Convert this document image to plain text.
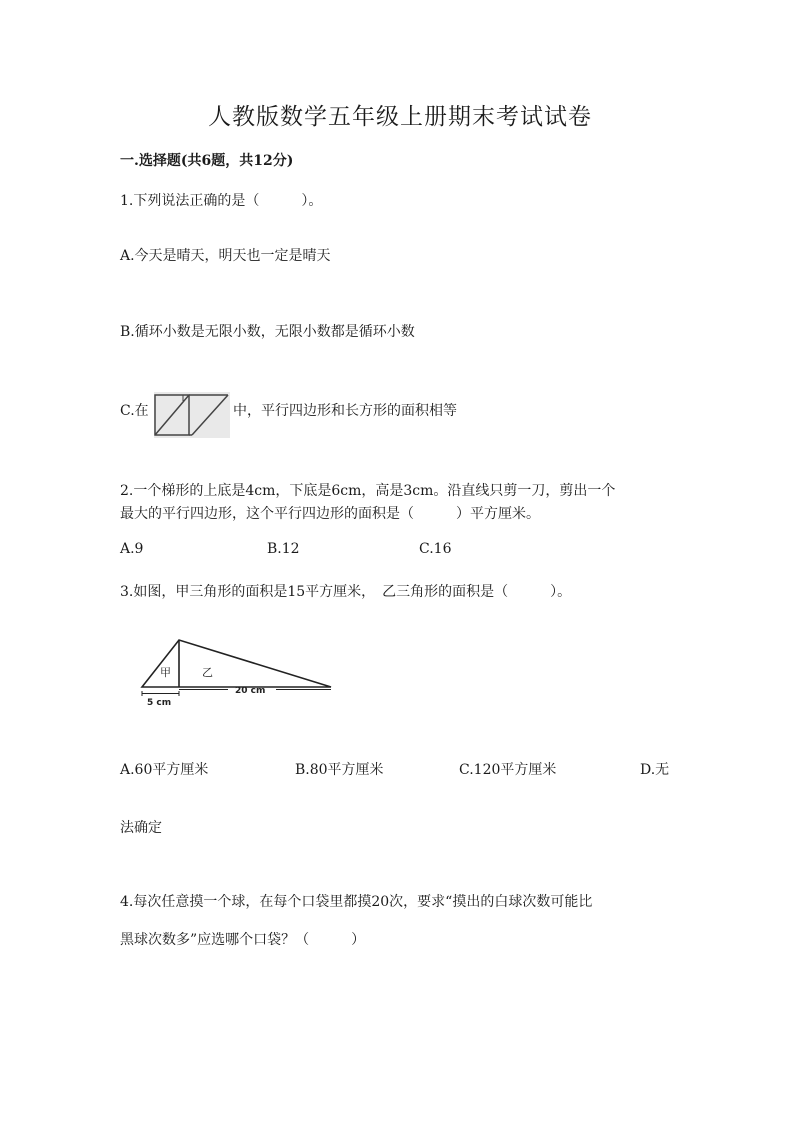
人教版数学五年级上册期末考试试卷
一.选择题(共6题，共12分)
1.下列说法正确的是（　　　）。
A.今天是晴天，明天也一定是晴天
B.循环小数是无限小数，无限小数都是循环小数
C.在	中，平行四边形和长方形的面积相等
2.一个梯形的上底是4cm，下底是6cm，高是3cm。沿直线只剪一刀，剪出一个
最大的平行四边形，这个平行四边形的面积是（　　　）平方厘米。
A.9	B.12	C.16
3.如图，甲三角形的面积是15平方厘米，　乙三角形的面积是（　　　）。
甲	乙
5 cm
20 cm
A.60平方厘米	B.80平方厘米	C.120平方厘米	D.无
法确定
4.每次任意摸一个球，在每个口袋里都摸20次，要求“摸出的白球次数可能比
黑球次数多”应选哪个口袋？（　　　）
